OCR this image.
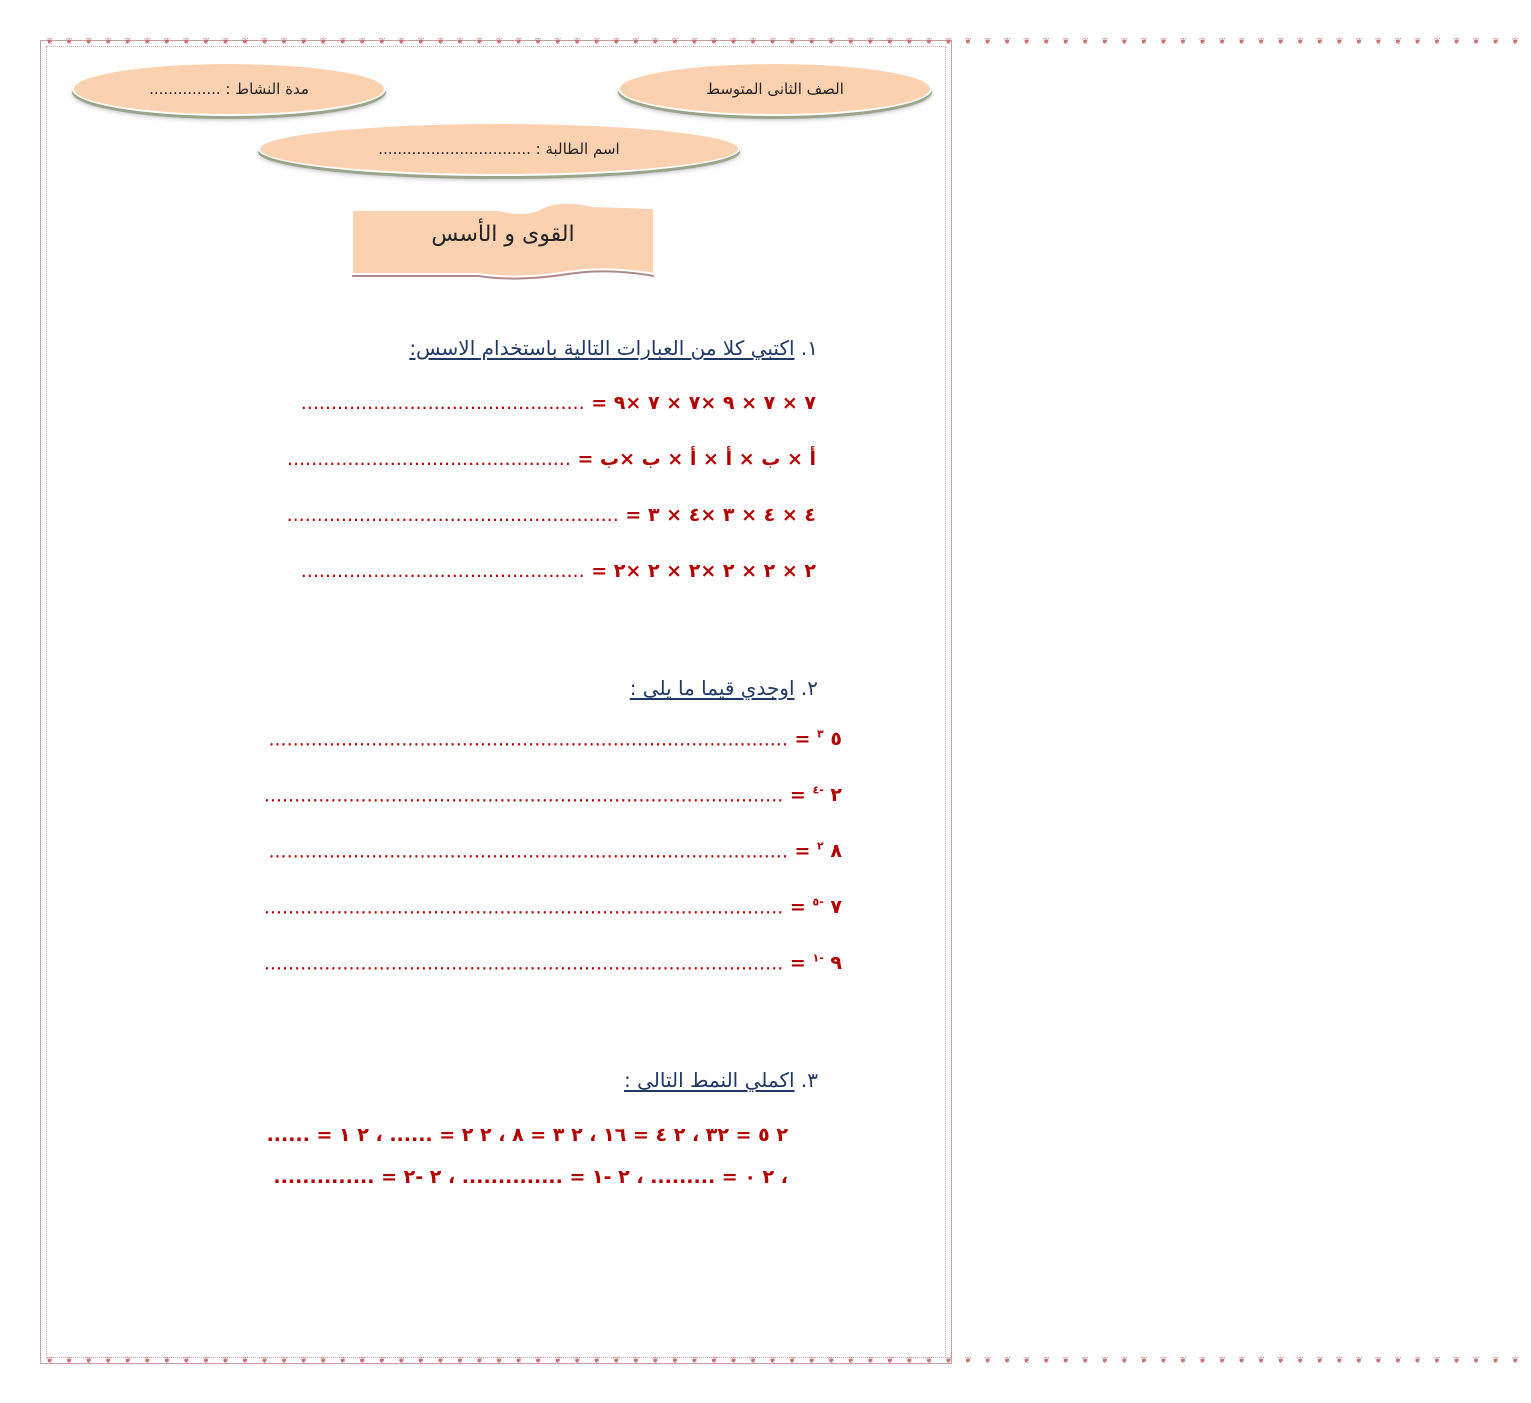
❦❦❦❦❦❦❦❦❦❦❦❦❦❦❦❦❦❦❦❦❦❦❦❦❦❦❦❦❦❦❦❦❦❦❦❦❦❦❦❦❦❦❦❦❦❦❦❦❦❦❦❦❦❦❦❦❦❦❦❦❦❦❦❦❦❦❦❦❦❦❦❦❦❦❦❦
❦❦❦❦❦❦❦❦❦❦❦❦❦❦❦❦❦❦❦❦❦❦❦❦❦❦❦❦❦❦❦❦❦❦❦❦❦❦❦❦❦❦❦❦❦❦❦❦❦❦❦❦❦❦❦❦❦❦❦❦❦❦❦❦❦❦❦❦❦❦❦❦❦❦❦❦
الصف الثانى المتوسط
مدة النشاط : ...............
اسم الطالبة : ................................
القوى و الأسس
١. اكتبي كلا من العبارات التالية باستخدام الاسس:
٧ × ٧ × ٩ ×٧ × ٧ ×٩ = ...............................................
أ × ب × أ × أ × ب ×ب = ...............................................
٤ × ٤ × ٣ ×٤ × ٣ = .......................................................
٢ × ٢ × ٢ ×٢ × ٢ ×٢ = ...............................................
٢. اوجدي قيما ما يلى :
٥ $^٣$ = ......................................................................................
٢ $^{-٤}$ = ......................................................................................
٨ $^٢$ = ......................................................................................
٧ $^{-٥}$ = ......................................................................................
٩ $^{-١}$ = ......................................................................................
٣. اكملي النمط التالى :
٢ ٥ = ٣٢ ، ٢ ٤ = ١٦ ، ٢ ٣ = ٨ ، ٢ ٢ = ...... ، ٢ ١ = ......
، ٢ ٠ = ......... ، ٢ -١ = .............. ، ٢ -٢ = ..............
